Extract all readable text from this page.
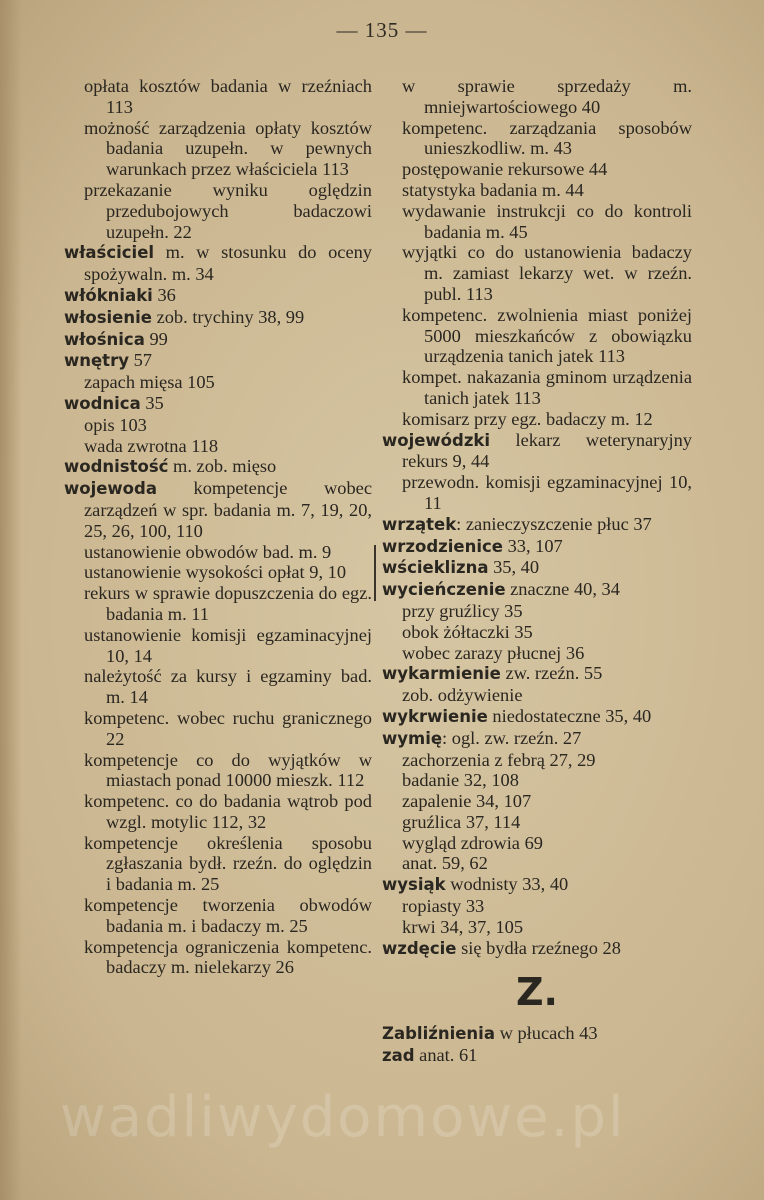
— 135 —

opłata kosztów badania w rzeźniach 113

możność zarządzenia opłaty kosztów badania uzupełn. w pewnych warunkach przez właściciela 113

przekazanie wyniku oględzin przedubojowych badaczowi uzupełn. 22

właściciel m. w stosunku do oceny spożywaln. m. 34

włókniaki 36

włosienie zob. trychiny 38, 99

włośnica 99

wnętry 57

zapach mięsa 105

wodnica 35

opis 103

wada zwrotna 118

wodnistość m. zob. mięso

wojewoda kompetencje wobec zarządzeń w spr. badania m. 7, 19, 20, 25, 26, 100, 110

ustanowienie obwodów bad. m. 9

ustanowienie wysokości opłat 9, 10

rekurs w sprawie dopuszczenia do egz. badania m. 11

ustanowienie komisji egzaminacyjnej 10, 14

należytość za kursy i egzaminy bad. m. 14

kompetenc. wobec ruchu granicznego 22

kompetencje co do wyjątków w miastach ponad 10000 mieszk. 112

kompetenc. co do badania wątrob pod wzgl. motylic 112, 32

kompetencje określenia sposobu zgłaszania bydł. rzeźn. do oględzin i badania m. 25

kompetencje tworzenia obwodów badania m. i badaczy m. 25

kompetencja ograniczenia kompetenc. badaczy m. nielekarzy 26

w sprawie sprzedaży m. mniejwartościowego 40

kompetenc. zarządzania sposobów unieszkodliw. m. 43

postępowanie rekursowe 44

statystyka badania m. 44

wydawanie instrukcji co do kontroli badania m. 45

wyjątki co do ustanowienia badaczy m. zamiast lekarzy wet. w rzeźn. publ. 113

kompetenc. zwolnienia miast poniżej 5000 mieszkańców z obowiązku urządzenia tanich jatek 113

kompet. nakazania gminom urządzenia tanich jatek 113

komisarz przy egz. badaczy m. 12

wojewódzki lekarz weterynaryjny rekurs 9, 44

przewodn. komisji egzaminacyjnej 10, 11

wrzątek: zanieczyszczenie płuc 37

wrzodzienice 33, 107

wścieklizna 35, 40

wycieńczenie znaczne 40, 34

przy gruźlicy 35

obok żółtaczki 35

wobec zarazy płucnej 36

wykarmienie zw. rzeźn. 55

zob. odżywienie

wykrwienie niedostateczne 35, 40

wymię: ogl. zw. rzeźn. 27

zachorzenia z febrą 27, 29

badanie 32, 108

zapalenie 34, 107

gruźlica 37, 114

wygląd zdrowia 69

anat. 59, 62

wysiąk wodnisty 33, 40

ropiasty 33

krwi 34, 37, 105

wzdęcie się bydła rzeźnego 28

Z.

Zabliźnienia w płucach 43

zad anat. 61

wadliwydomowe.pl
